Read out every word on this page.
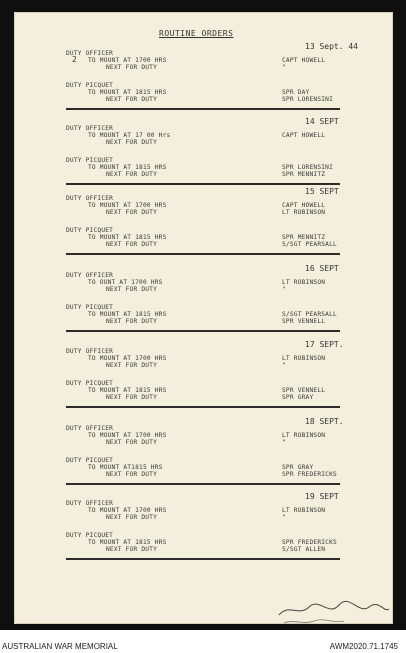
ROUTINE ORDERS
2
13 Sept. 44
DUTY OFFICER
TO MOUNT AT 1700 HRS
NEXT FOR DUTY
CAPT HOWELL
"
DUTY PICQUET
TO MOUNT AT 1815 HRS
NEXT FOR DUTY
SPR DAY
SPR LORENSINI
14 SEPT
DUTY OFFICER
TO MOUNT AT 17 00 Hrs
NEXT FOR DUTY
CAPT HOWELL
DUTY PICQUET
TO MOUNT AT 1815 HRS
NEXT FOR DUTY
SPR LORENSINI
SPR MENNITZ
15 SEPT
DUTY OFFICER
TO MOUNT AT 1700 HRS
NEXT FOR DUTY
CAPT HOWELL
LT ROBINSON
DUTY PICQUET
TO MOUNT AT 1815 HRS
NEXT FOR DUTY
SPR MENNITZ
S/SGT PEARSALL
16 SEPT
DUTY OFFICER
TO OUNT AT 1700 HRS
NEXT FOR DUTY
LT ROBINSON
"
DUTY PICQUET
TO MOUNT AT 1815 HRS
NEXT FOR DUTY
S/SGT PEARSALL
SPR VENNELL
17 SEPT.
DUTY OFFICER
TO MOUNT AT 1700 HRS
NEXT FOR DUTY
LT ROBINSON
"
DUTY PICQUET
TO MOUNT AT 1815 HRS
NEXT FOR DUTY
SPR VENNELL
SPR GRAY
18 SEPT.
DUTY OFFICER
TO MOUNT AT 1700 HRS
NEXT FOR DUTY
LT ROBINSON
"
DUTY PICQUET
TO MOUNT AT1815 HRS
NEXT FOR DUTY
SPR GRAY
SPR FREDERICKS
19 SEPT
DUTY OFFICER
TO MOUNT AT 1700 HRS
NEXT FOR DUTY
LT ROBINSON
"
DUTY PICQUET
TO MOUNT AT 1815 HRS
NEXT FOR DUTY
SPR FREDERICKS
S/SGT ALLEN
AUSTRALIAN WAR MEMORIAL	AWM2020.71.1745
